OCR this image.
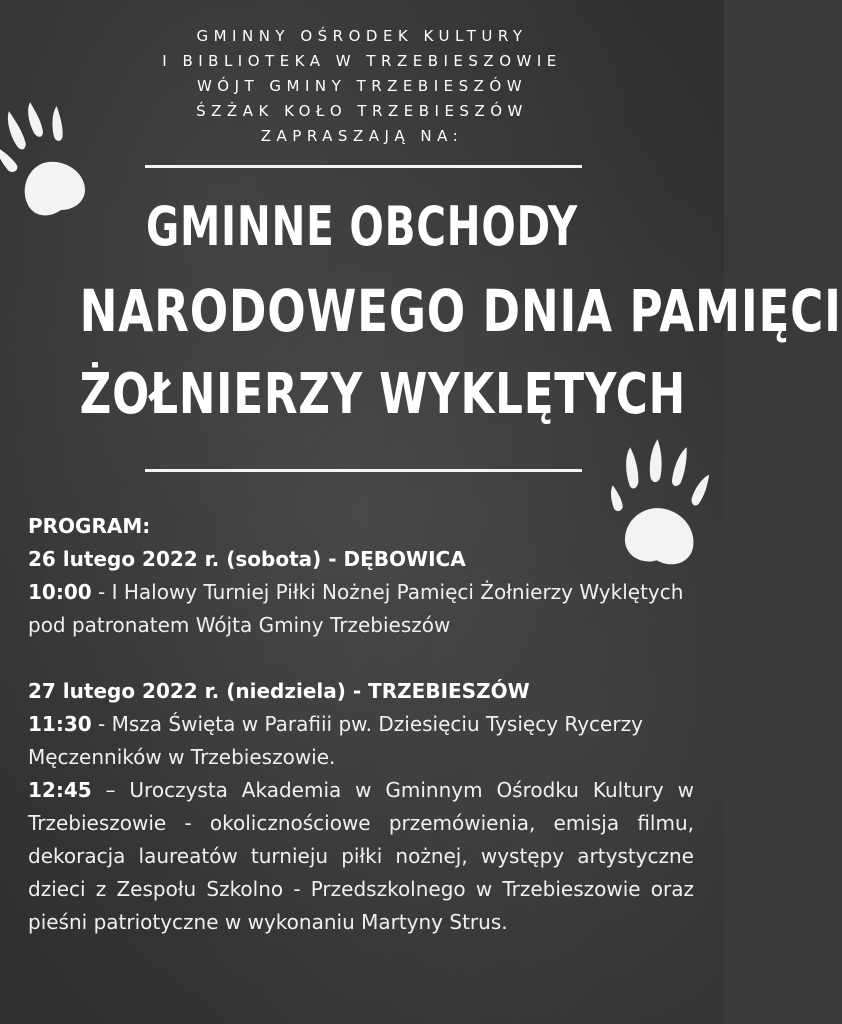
GMINNY OŚRODEK KULTURY
I BIBLIOTEKA W TRZEBIESZOWIE
WÓJT GMINY TRZEBIESZÓW
ŚZŻAK KOŁO TRZEBIESZÓW
ZAPRASZAJĄ NA:
GMINNE OBCHODY
NARODOWEGO DNIA PAMIĘCI
ŻOŁNIERZY WYKLĘTYCH
PROGRAM:
26 lutego 2022 r. (sobota) - DĘBOWICA
10:00 - I Halowy Turniej Piłki Nożnej Pamięci Żołnierzy Wyklętych pod patronatem Wójta Gminy Trzebieszów
27 lutego 2022 r. (niedziela) - TRZEBIESZÓW
11:30 - Msza Święta w Parafiii pw. Dziesięciu Tysięcy Rycerzy Męczenników w Trzebieszowie.
12:45 – Uroczysta Akademia w Gminnym Ośrodku Kultury w Trzebieszowie - okolicznościowe przemówienia, emisja filmu, dekoracja laureatów turnieju piłki nożnej, występy artystyczne dzieci z Zespołu Szkolno - Przedszkolnego w Trzebieszowie oraz pieśni patriotyczne w wykonaniu Martyny Strus.
